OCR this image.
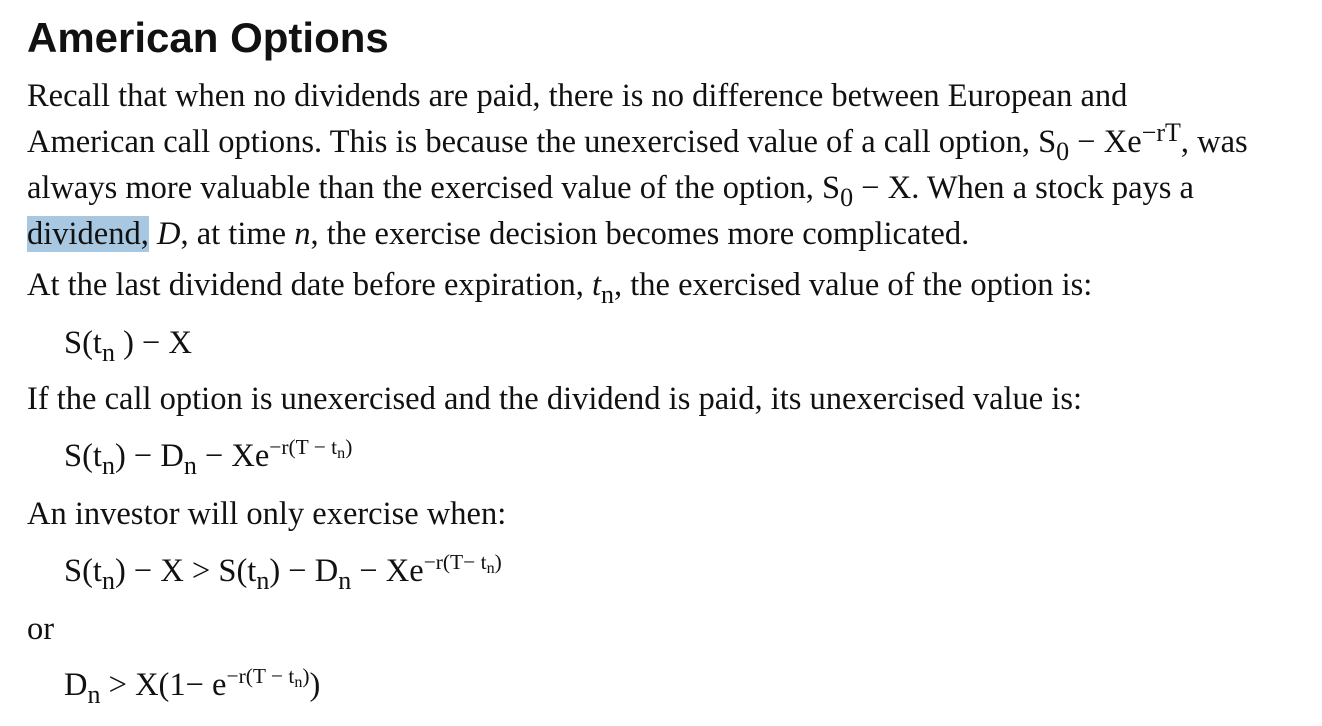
American Options

Recall that when no dividends are paid, there is no difference between European and
American call options. This is because the unexercised value of a call option, $S_0 - Xe^{-rT}$, was
always more valuable than the exercised value of the option, $S_0 - X$. When a stock pays a
dividend, D, at time n, the exercise decision becomes more complicated.

At the last dividend date before expiration, $t_n$, the exercised value of the option is:

$S(t_n$ ) − X

If the call option is unexercised and the dividend is paid, its unexercised value is:

$S(t_n) - D_n - Xe^{-r(T - tn)}$

An investor will only exercise when:

$S(t_n) - X > S(t_n) - D_n - Xe^{-r(T- tn)}$

or

$D_n > X(1- e^{-r(T - tn)})$
